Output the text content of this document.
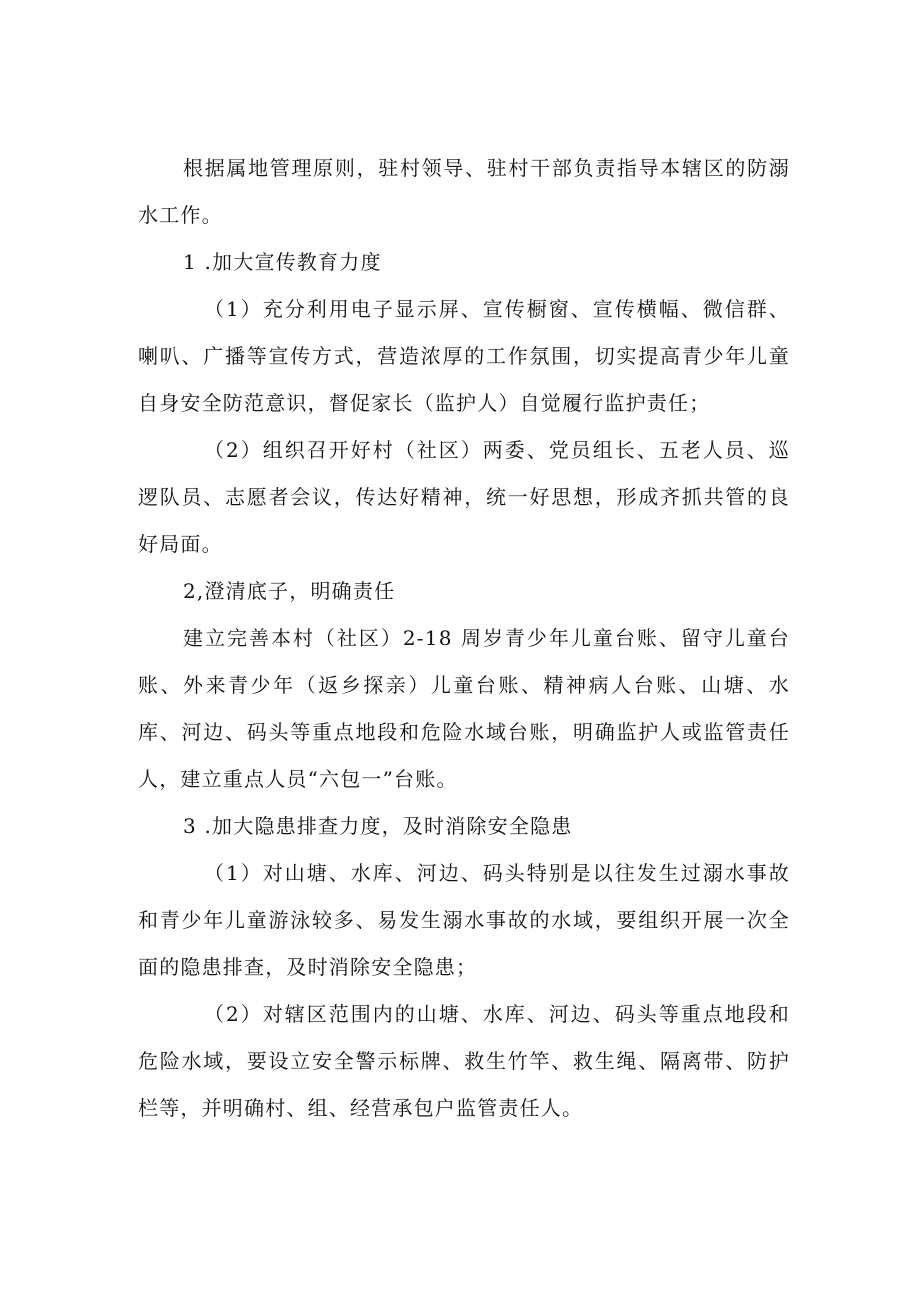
根据属地管理原则，驻村领导、驻村干部负责指导本辖区的防溺水工作。

1 .加大宣传教育力度

（1）充分利用电子显示屏、宣传橱窗、宣传横幅、微信群、喇叭、广播等宣传方式，营造浓厚的工作氛围，切实提高青少年儿童自身安全防范意识，督促家长（监护人）自觉履行监护责任；

（2）组织召开好村（社区）两委、党员组长、五老人员、巡逻队员、志愿者会议，传达好精神，统一好思想，形成齐抓共管的良好局面。

2,澄清底子，明确责任

建立完善本村（社区）2-18 周岁青少年儿童台账、留守儿童台账、外来青少年（返乡探亲）儿童台账、精神病人台账、山塘、水库、河边、码头等重点地段和危险水域台账，明确监护人或监管责任人，建立重点人员“六包一”台账。

3 .加大隐患排查力度，及时消除安全隐患

（1）对山塘、水库、河边、码头特别是以往发生过溺水事故和青少年儿童游泳较多、易发生溺水事故的水域，要组织开展一次全面的隐患排查，及时消除安全隐患；

（2）对辖区范围内的山塘、水库、河边、码头等重点地段和危险水域，要设立安全警示标牌、救生竹竿、救生绳、隔离带、防护栏等，并明确村、组、经营承包户监管责任人。
